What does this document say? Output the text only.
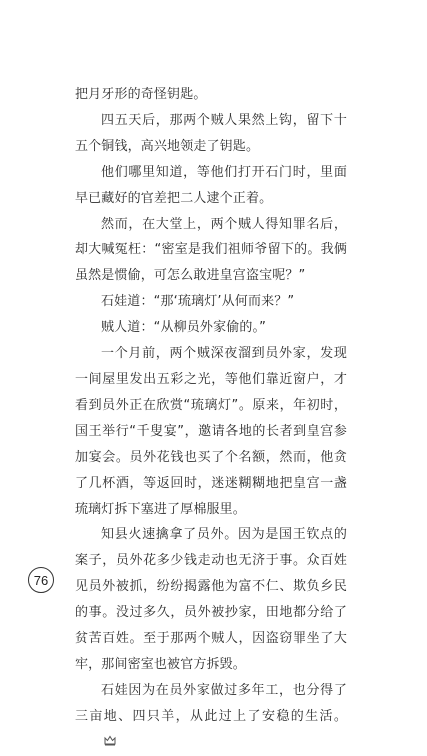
把月牙形的奇怪钥匙。

四五天后，那两个贼人果然上钩，留下十五个铜钱，高兴地领走了钥匙。

他们哪里知道，等他们打开石门时，里面早已藏好的官差把二人逮个正着。

然而，在大堂上，两个贼人得知罪名后，却大喊冤枉：“密室是我们祖师爷留下的。我俩虽然是惯偷，可怎么敢进皇宫盗宝呢？”

石娃道：“那‘琉璃灯’从何而来？”

贼人道：“从柳员外家偷的。”

一个月前，两个贼深夜溜到员外家，发现一间屋里发出五彩之光，等他们靠近窗户，才看到员外正在欣赏“琉璃灯”。原来，年初时，国王举行“千叟宴”，邀请各地的长者到皇宫参加宴会。员外花钱也买了个名额，然而，他贪了几杯酒，等返回时，迷迷糊糊地把皇宫一盏琉璃灯拆下塞进了厚棉服里。

知县火速擒拿了员外。因为是国王钦点的案子，员外花多少钱走动也无济于事。众百姓见员外被抓，纷纷揭露他为富不仁、欺负乡民的事。没过多久，员外被抄家，田地都分给了贫苦百姓。至于那两个贼人，因盗窃罪坐了大牢，那间密室也被官方拆毁。

石娃因为在员外家做过多年工，也分得了三亩地、四只羊，从此过上了安稳的生活。

76
